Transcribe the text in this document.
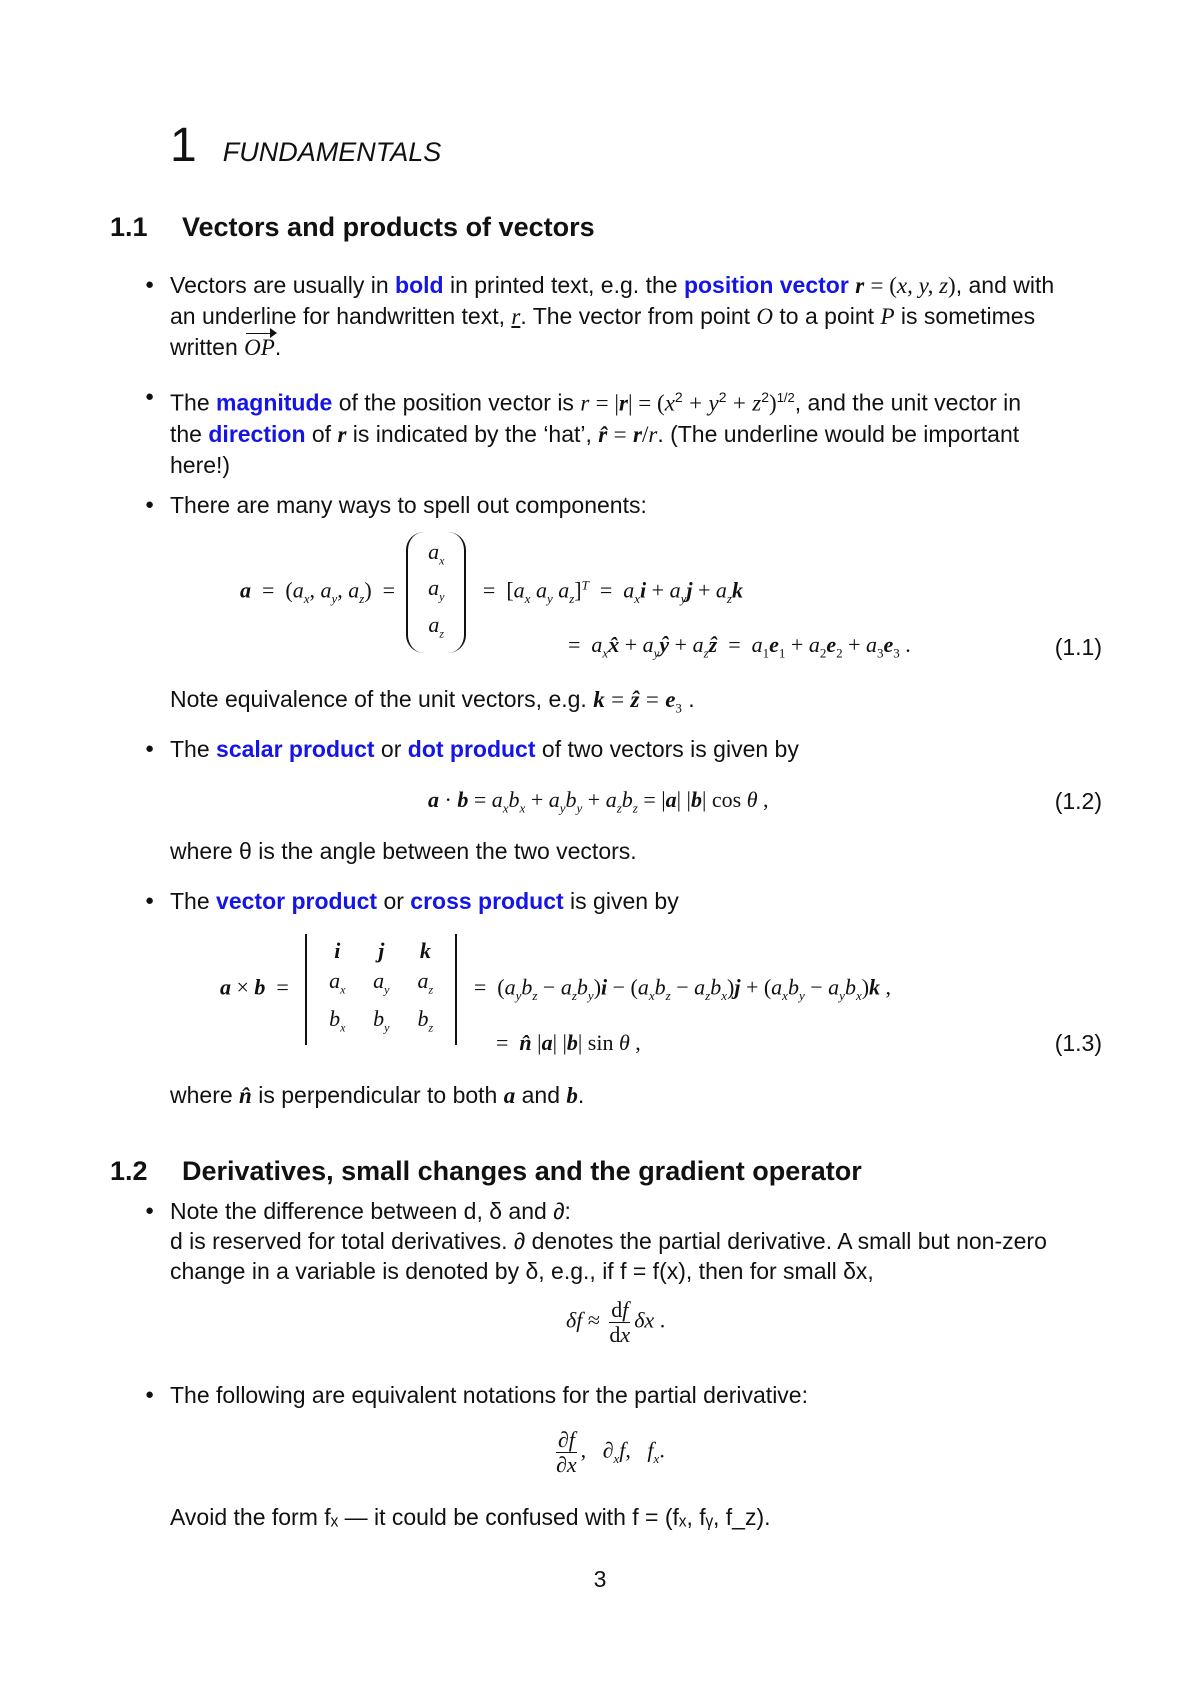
1 FUNDAMENTALS
1.1	Vectors and products of vectors
● Vectors are usually in bold in printed text, e.g. the position vector r = (x, y, z), and with
an underline for handwritten text, r. The vector from point O to a point P is sometimes
written OP.
● The magnitude of the position vector is $r = |r| = (x^2 + y^2 + z^2)^{1/2}$, and the unit vector in
the direction of r is indicated by the ‘hat’, r̂ = r/r. (The underline would be important
here!)
● There are many ways to spell out components:
$a = (a_x$, $a_y$, $a_z$)  =
$a_x$
$a_y$
$a_z$
=  [$a_x$ $a_y$ $a_z]^T = a_xi + a_yj + a_zk$
=  $a_xx̂$ + $a_yŷ$ + $a_zẑ = a_1e_1 + a_2e_2 + a_3e_3$ .	(1.1)
Note equivalence of the unit vectors, e.g. k = ẑ = $e_3$ .
● The scalar product or dot product of two vectors is given by
$a \cdot b = a_xb_x + a_yb_y + a_zb_z = |a|$ |b| cos θ ,	(1.2)
where θ is the angle between the two vectors.
● The vector product or cross product is given by
a × b  =
i	j	k
$a_x$	$a_y$	$a_z$
$b_x$	$b_y$	$b_z$
=  $(a_yb_z - a_zb_y)i - (a_xb_z - a_zb_x)j + (a_xb_y - a_yb_x)k$ ,
=  n̂ |a| |b| sin θ ,	(1.3)
where n̂ is perpendicular to both a and b.
1.2	Derivatives, small changes and the gradient operator
● Note the difference between d, δ and ∂:
d is reserved for total derivatives. ∂ denotes the partial derivative. A small but non-zero
change in a variable is denoted by δ, e.g., if f = f(x), then for small δx,
$\delta f \approx \frac{df}{dx}$ δx .
● The following are equivalent notations for the partial derivative:
$\frac{\partial f}{\partial x}$ ,   $\partial_xf$,   $f_x$.
Avoid the form fₓ — it could be confused with f = (fₓ, fᵧ, f_z).
3
